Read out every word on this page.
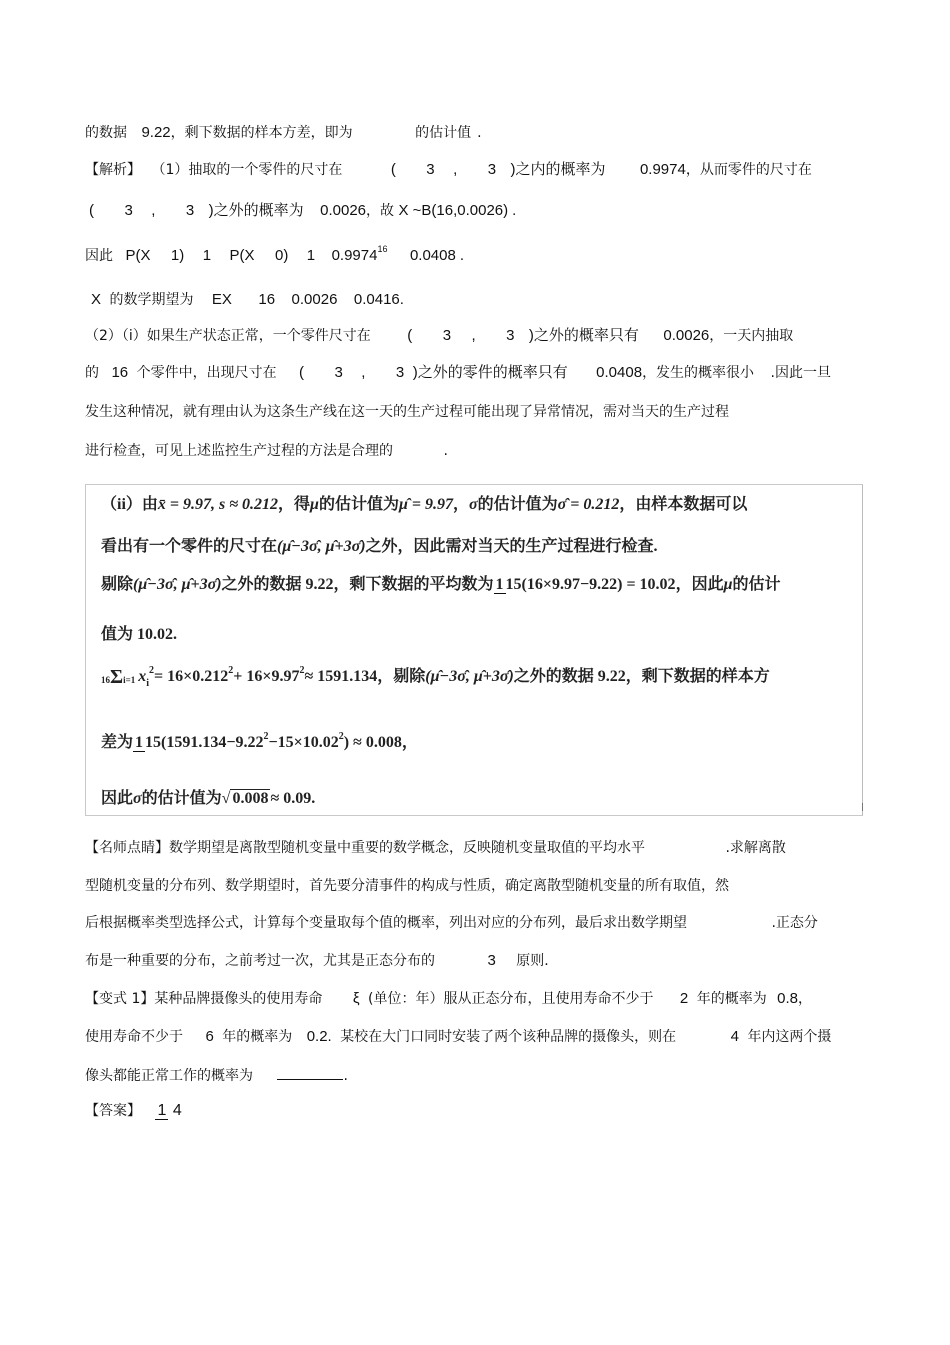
的数据 9.22，剩下数据的样本方差，即为	的估计值 .
【解析】 （1）抽取的一个零件的尺寸在	( 3 , 3 )之内的概率为 0.9974，从而零件的尺寸在
( 3 , 3 )之外的概率为 0.0026，故 X ~B(16,0.0026) .
因此 P(X 1) 1 P(X 0) 1 0.997416 0.0408 .
X 的数学期望为 EX 16 0.0026 0.0416.
（2）（i）如果生产状态正常，一个零件尺寸在 ( 3 , 3 )之外的概率只有 0.0026，一天内抽取
的 16 个零件中，出现尺寸在 ( 3 , 3 )之外的零件的概率只有 0.0408，发生的概率很小 .因此一旦
发生这种情况，就有理由认为这条生产线在这一天的生产过程可能出现了异常情况，需对当天的生产过程
进行检查，可见上述监控生产过程的方法是合理的	.
（ii）由x̄ = 9.97, s ≈ 0.212，得μ的估计值为μ̂ = 9.97，σ的估计值为σ̂ = 0.212，由样本数据可以
看出有一个零件的尺寸在(μ̂−3σ̂, μ̂+3σ̂)之外，因此需对当天的生产过程进行检查.
剔除(μ̂−3σ̂, μ̂+3σ̂)之外的数据 9.22，剩下数据的平均数为 1 15(16×9.97−9.22) = 10.02，因此μ的估计
值为 10.02.
16Σi=1 xi2= 16×0.2122+ 16×9.972≈ 1591.134，剔除(μ̂−3σ̂, μ̂+3σ̂)之外的数据 9.22，剩下数据的样本方
差为 1 15(1591.134−9.222−15×10.022) ≈ 0.008，
因此σ的估计值为√ 0.008≈ 0.09.
【名师点睛】数学期望是离散型随机变量中重要的数学概念，反映随机变量取值的平均水平	.求解离散
型随机变量的分布列、数学期望时，首先要分清事件的构成与性质，确定离散型随机变量的所有取值，然
后根据概率类型选择公式，计算每个变量取每个值的概率，列出对应的分布列，最后求出数学期望	.正态分
布是一种重要的分布，之前考过一次，尤其是正态分布的	3 原则.
【变式 1】某种品牌摄像头的使用寿命 ξ (单位：年）服从正态分布，且使用寿命不少于 2 年的概率为 0.8，
使用寿命不少于 6 年的概率为 0.2. 某校在大门口同时安装了两个该种品牌的摄像头，则在	4 年内这两个摄
像头都能正常工作的概率为	.
【答案】 1 4
